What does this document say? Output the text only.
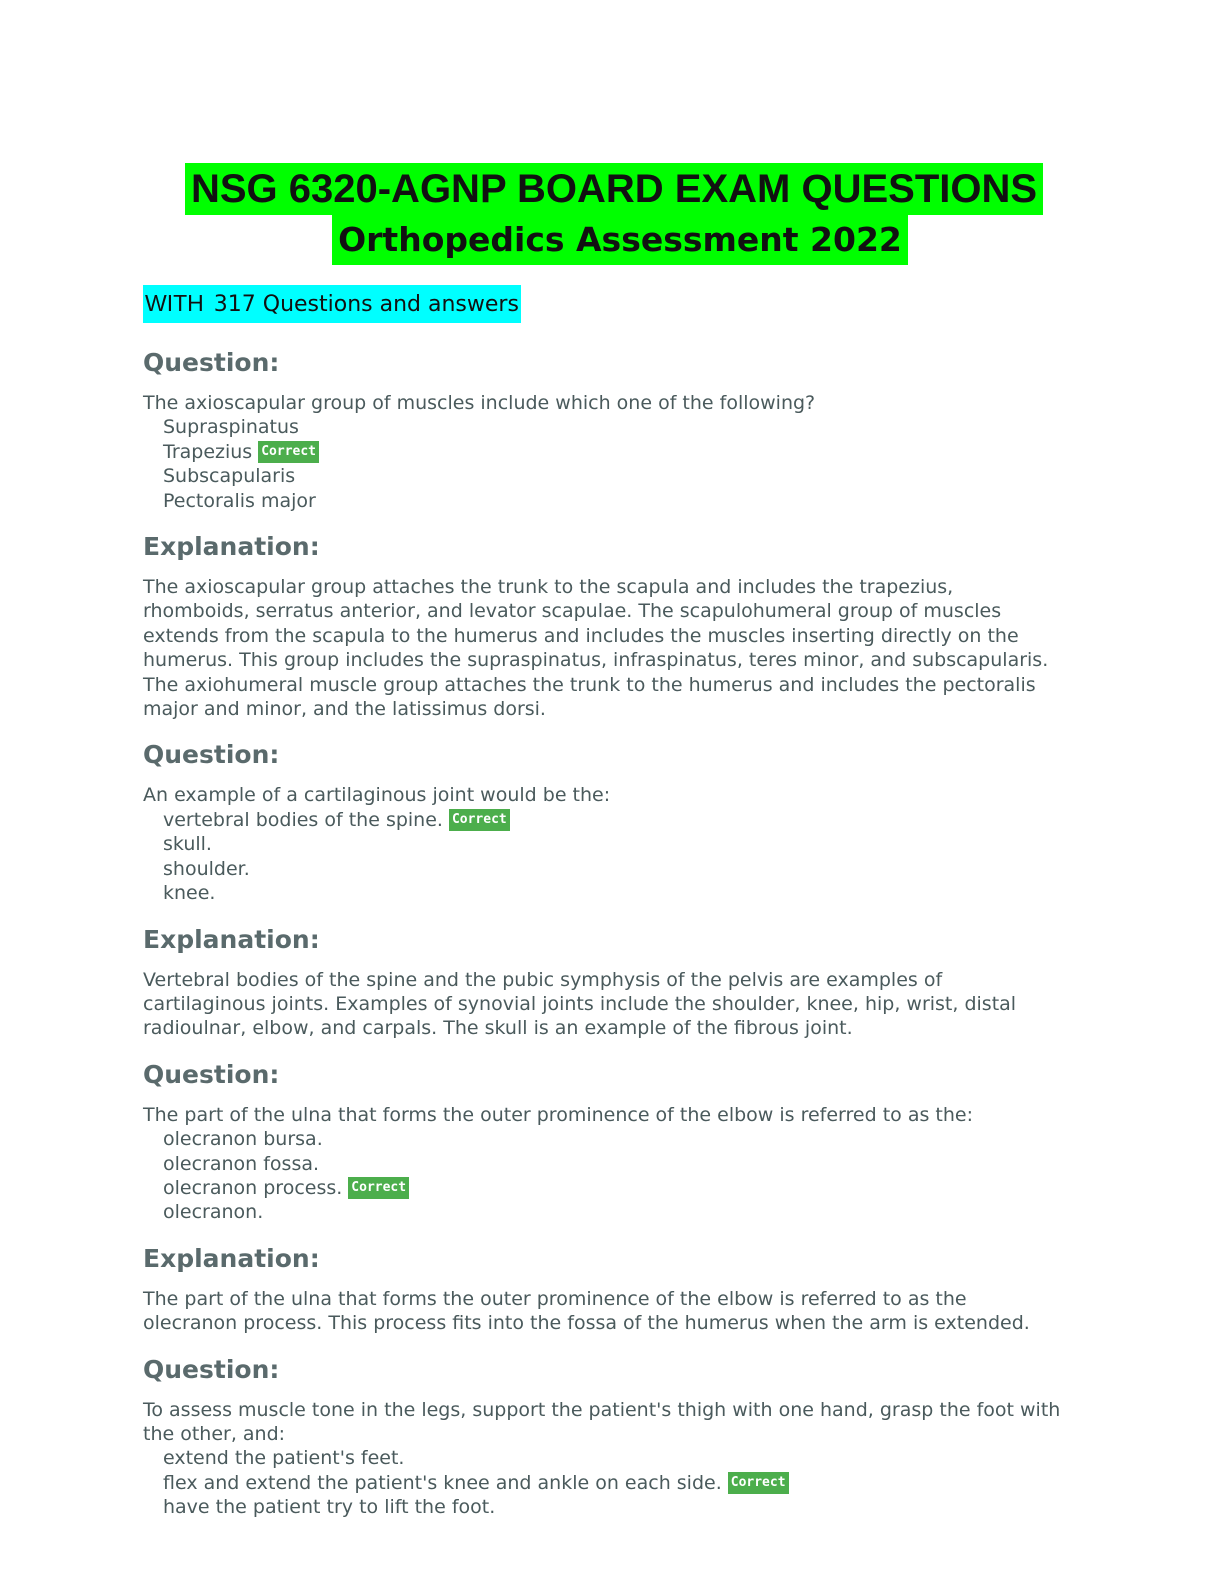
NSG 6320-AGNP BOARD EXAM QUESTIONS
Orthopedics Assessment 2022
WITH 317 Questions and answers
Question:
The axioscapular group of muscles include which one of the following?
Supraspinatus
Trapezius Correct
Subscapularis
Pectoralis major
Explanation:
The axioscapular group attaches the trunk to the scapula and includes the trapezius, rhomboids, serratus anterior, and levator scapulae. The scapulohumeral group of muscles extends from the scapula to the humerus and includes the muscles inserting directly on the humerus. This group includes the supraspinatus, infraspinatus, teres minor, and subscapularis. The axiohumeral muscle group attaches the trunk to the humerus and includes the pectoralis major and minor, and the latissimus dorsi.
Question:
An example of a cartilaginous joint would be the:
vertebral bodies of the spine. Correct
skull.
shoulder.
knee.
Explanation:
Vertebral bodies of the spine and the pubic symphysis of the pelvis are examples of cartilaginous joints. Examples of synovial joints include the shoulder, knee, hip, wrist, distal radioulnar, elbow, and carpals. The skull is an example of the fibrous joint.
Question:
The part of the ulna that forms the outer prominence of the elbow is referred to as the:
olecranon bursa.
olecranon fossa.
olecranon process. Correct
olecranon.
Explanation:
The part of the ulna that forms the outer prominence of the elbow is referred to as the olecranon process. This process fits into the fossa of the humerus when the arm is extended.
Question:
To assess muscle tone in the legs, support the patient's thigh with one hand, grasp the foot with the other, and:
extend the patient's feet.
flex and extend the patient's knee and ankle on each side. Correct
have the patient try to lift the foot.
